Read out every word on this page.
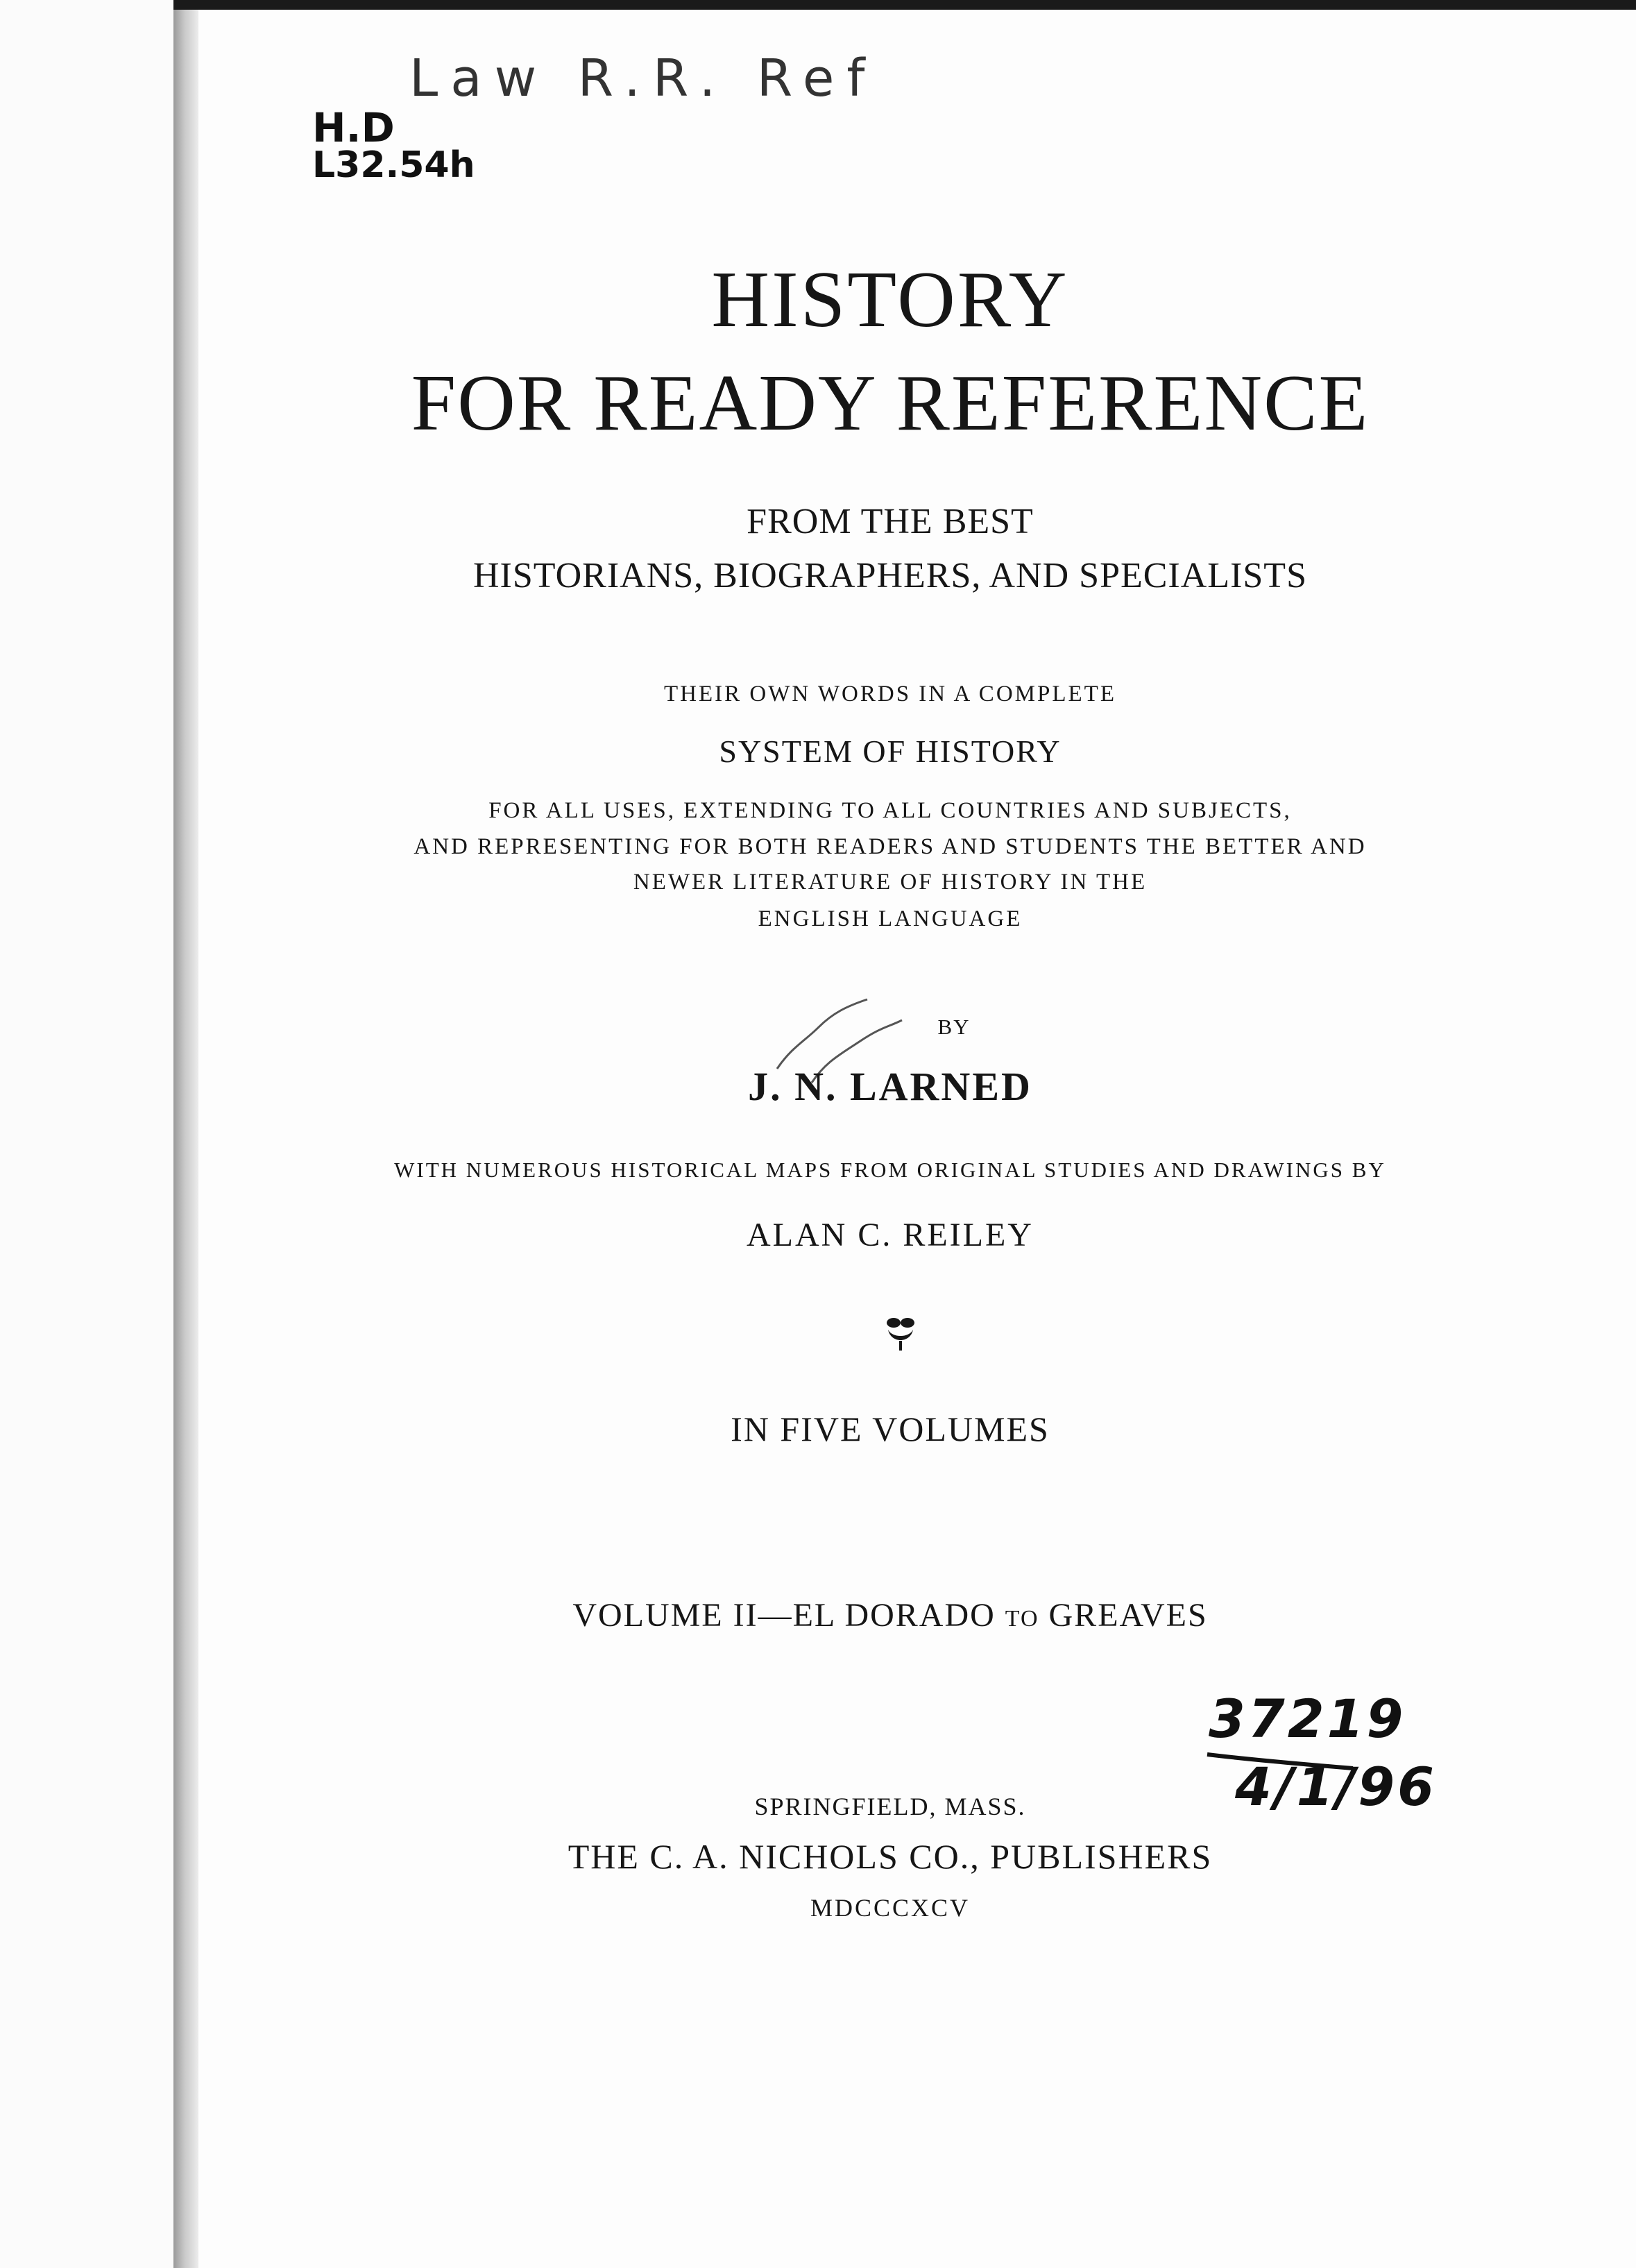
Law R.R. Ref
H.D
L32.54h
HISTORY
FOR READY REFERENCE
FROM THE BEST
HISTORIANS, BIOGRAPHERS, AND SPECIALISTS
THEIR OWN WORDS IN A COMPLETE
SYSTEM OF HISTORY
FOR ALL USES, EXTENDING TO ALL COUNTRIES AND SUBJECTS,
AND REPRESENTING FOR BOTH READERS AND STUDENTS THE BETTER AND
NEWER LITERATURE OF HISTORY IN THE
ENGLISH LANGUAGE
BY
J. N. LARNED
WITH NUMEROUS HISTORICAL MAPS FROM ORIGINAL STUDIES AND DRAWINGS BY
ALAN C. REILEY
IN FIVE VOLUMES
VOLUME II—EL DORADO TO GREAVES
37219
4/1/96
SPRINGFIELD, MASS.
THE C. A. NICHOLS CO., PUBLISHERS
MDCCCXCV
